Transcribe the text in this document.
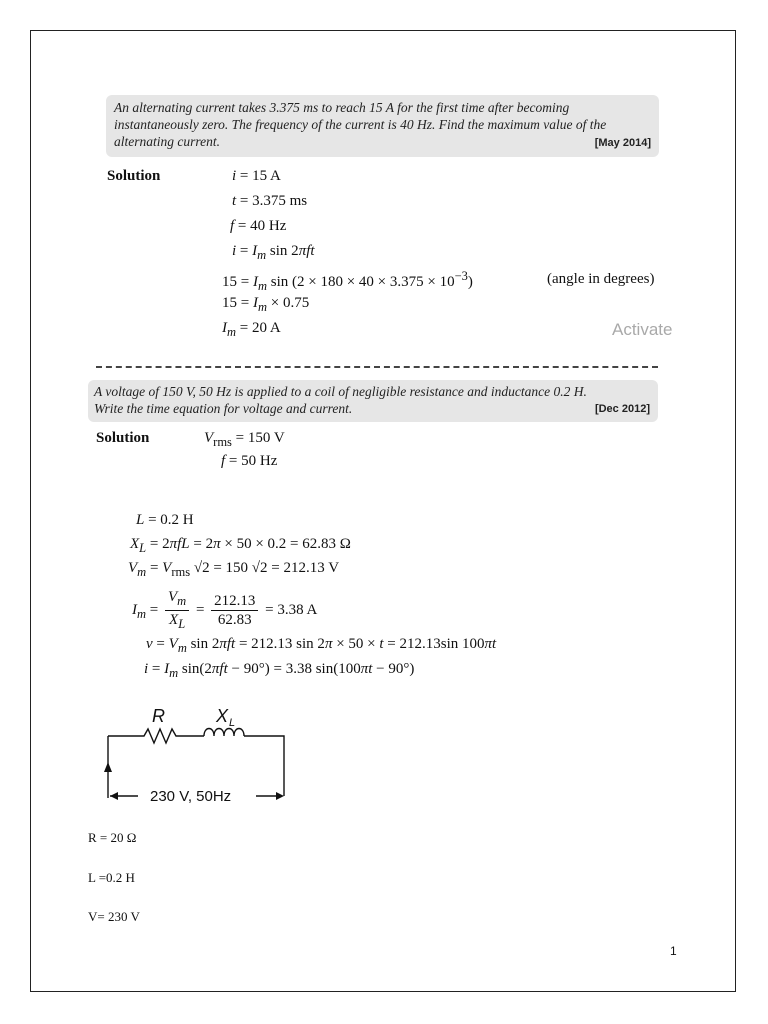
An alternating current takes 3.375 ms to reach 15 A for the first time after becoming
instantaneously zero. The frequency of the current is 40 Hz. Find the maximum value of the
alternating current.	[May 2014]
Solution	i = 15 A
t = 3.375 ms
f = 40 Hz
$i = I_m$ sin 2πft
$15 = I_m$ $\sin (2 \times 180 \times 40 \times 3.375 \times 10^{-3})$	(angle in degrees)
$15 = I_m \times 0.75$
$I_m = 20$ A	Activate
A voltage of 150 V, 50 Hz is applied to a coil of negligible resistance and inductance 0.2 H.
Write the time equation for voltage and current.	[Dec 2012]
Solution	$V_{rms} = 150$ V
f = 50 Hz
L = 0.2 H
$X_L = 2\pi fL = 2\pi \times 50 \times 0.2 = 62.83$ Ω
$V_m = V_{rms}$ √2 = 150 √2 = 212.13 V
$I_m = \frac{V_m}{X_L} = \frac{212.13}{62.83} = 3.38$ A
$v = V_m$ sin 2πft = 212.13 sin 2π × 50 × t = 212.13sin 100πt
$i = I_m$ sin(2πft − 90°) = 3.38 sin(100πt − 90°)
R	X L
230 V, 50Hz
R = 20 Ω
L =0.2 H
V= 230 V
1
